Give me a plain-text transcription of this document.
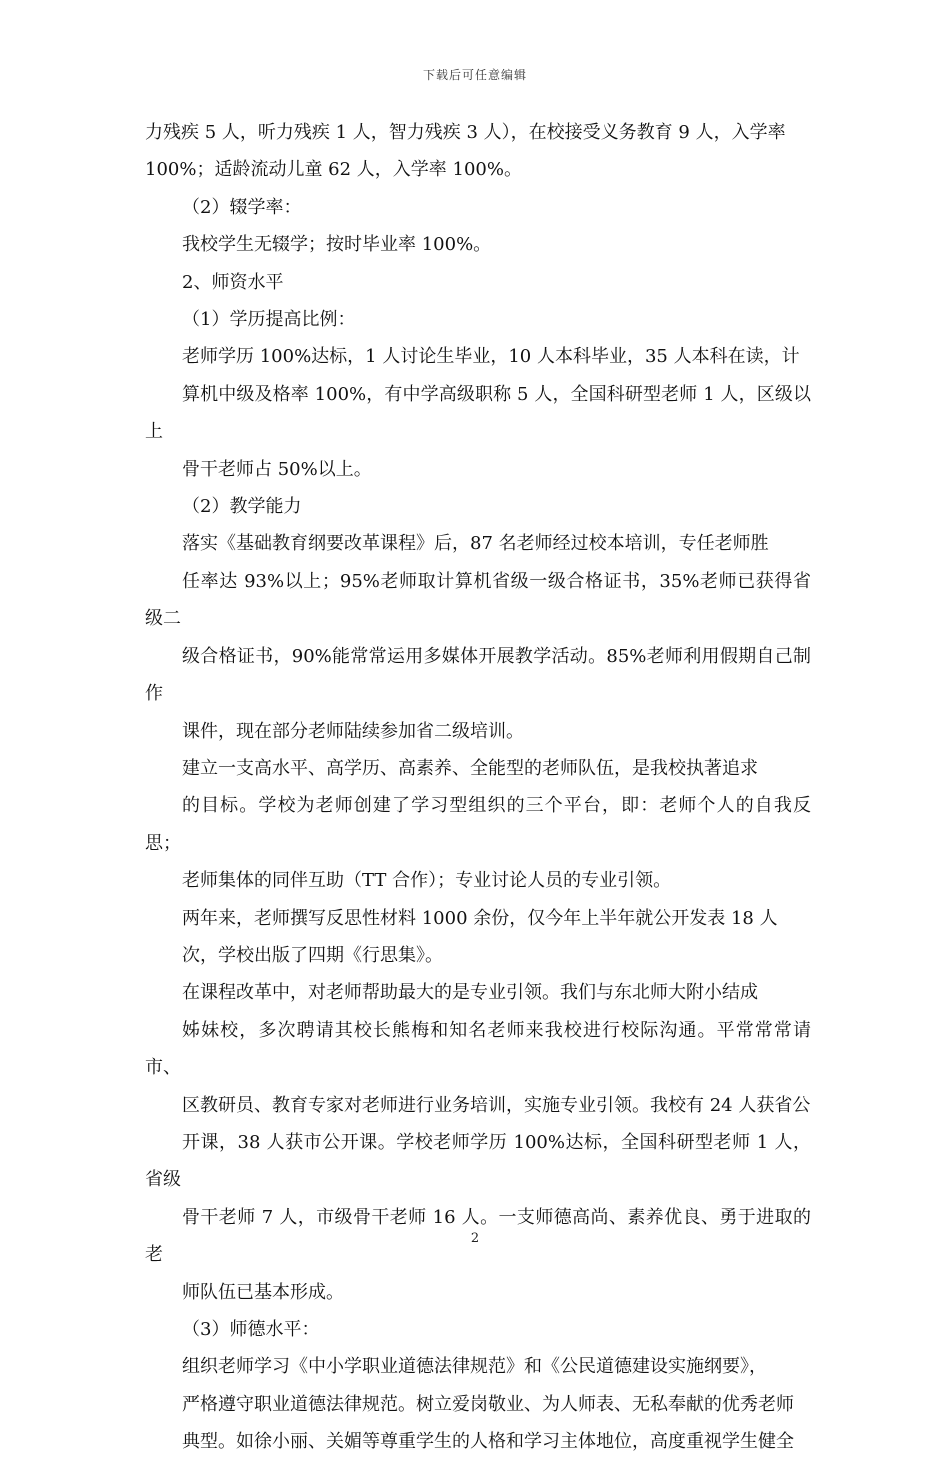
下载后可任意编辑

力残疾 5 人，听力残疾 1 人，智力残疾 3 人），在校接受义务教育 9 人，入学率
100%；适龄流动儿童 62 人，入学率 100%。

（2）辍学率：

我校学生无辍学；按时毕业率 100%。

2、师资水平

（1）学历提高比例：

老师学历 100%达标，1 人讨论生毕业，10 人本科毕业，35 人本科在读，计
算机中级及格率 100%，有中学高级职称 5 人，全国科研型老师 1 人，区级以上
骨干老师占 50%以上。

（2）教学能力

落实《基础教育纲要改革课程》后，87 名老师经过校本培训，专任老师胜
任率达 93%以上；95%老师取计算机省级一级合格证书，35%老师已获得省级二
级合格证书，90%能常常运用多媒体开展教学活动。85%老师利用假期自己制作
课件，现在部分老师陆续参加省二级培训。

建立一支高水平、高学历、高素养、全能型的老师队伍，是我校执著追求
的目标。学校为老师创建了学习型组织的三个平台，即：老师个人的自我反思；
老师集体的同伴互助（TT 合作）；专业讨论人员的专业引领。

两年来，老师撰写反思性材料 1000 余份，仅今年上半年就公开发表 18 人
次，学校出版了四期《行思集》。

在课程改革中，对老师帮助最大的是专业引领。我们与东北师大附小结成
姊妹校，多次聘请其校长熊梅和知名老师来我校进行校际沟通。平常常常请市、
区教研员、教育专家对老师进行业务培训，实施专业引领。我校有 24 人获省公
开课，38 人获市公开课。学校老师学历 100%达标，全国科研型老师 1 人，省级
骨干老师 7 人，市级骨干老师 16 人。一支师德高尚、素养优良、勇于进取的老
师队伍已基本形成。

（3）师德水平：

组织老师学习《中小学职业道德法律规范》和《公民道德建设实施纲要》，
严格遵守职业道德法律规范。树立爱岗敬业、为人师表、无私奉献的优秀老师
典型。如徐小丽、关媚等尊重学生的人格和学习主体地位，高度重视学生健全

2
